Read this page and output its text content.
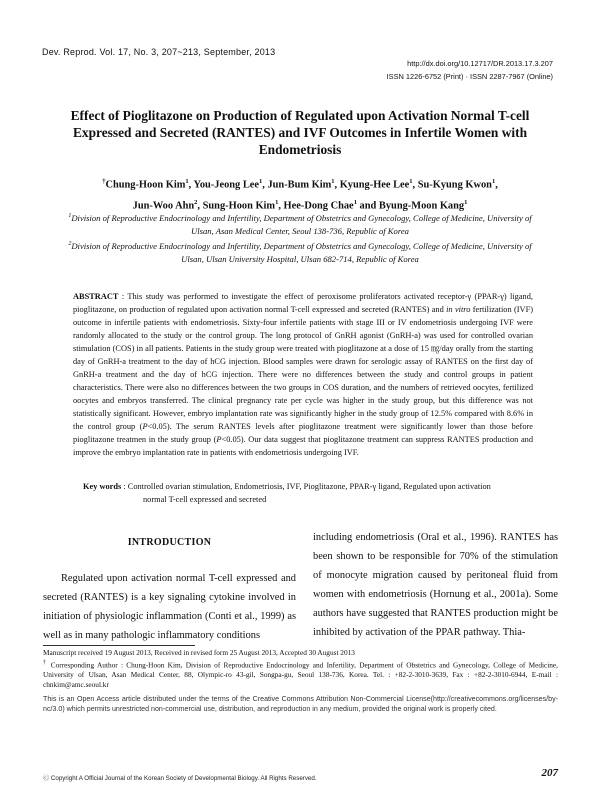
Dev. Reprod. Vol. 17, No. 3, 207~213, September, 2013
http://dx.doi.org/10.12717/DR.2013.17.3.207
ISSN 1226-6752 (Print) · ISSN 2287-7967 (Online)
Effect of Pioglitazone on Production of Regulated upon Activation Normal T-cell Expressed and Secreted (RANTES) and IVF Outcomes in Infertile Women with Endometriosis
†Chung-Hoon Kim$^1$, You-Jeong Lee$^1$, Jun-Bum Kim$^1$, Kyung-Hee Lee$^1$, Su-Kyung Kwon$^1$,
Jun-Woo Ahn$^2$, Sung-Hoon Kim$^1$, Hee-Dong Chae$^1$ and Byung-Moon Kang$^1$
$^1$Division of Reproductive Endocrinology and Infertility, Department of Obstetrics and Gynecology, College of Medicine, University of Ulsan, Asan Medical Center, Seoul 138-736, Republic of Korea
$^2$Division of Reproductive Endocrinology and Infertility, Department of Obstetrics and Gynecology, College of Medicine, University of Ulsan, Ulsan University Hospital, Ulsan 682-714, Republic of Korea
ABSTRACT : This study was performed to investigate the effect of peroxisome proliferators activated receptor-γ (PPAR-γ) ligand, pioglitazone, on production of regulated upon activation normal T-cell expressed and secreted (RANTES) and in vitro fertilization (IVF) outcome in infertile patients with endometriosis. Sixty-four infertile patients with stage III or IV endometriosis undergoing IVF were randomly allocated to the study or the control group. The long protocol of GnRH agonist (GnRH-a) was used for controlled ovarian stimulation (COS) in all patients. Patients in the study group were treated with pioglitazone at a dose of 15 ㎎/day orally from the starting day of GnRH-a treatment to the day of hCG injection. Blood samples were drawn for serologic assay of RANTES on the first day of GnRH-a treatment and the day of hCG injection. There were no differences between the study and control groups in patient characteristics. There were also no differences between the two groups in COS duration, and the numbers of retrieved oocytes, fertilized oocytes and embryos transferred. The clinical pregnancy rate per cycle was higher in the study group, but this difference was not statistically significant. However, embryo implantation rate was significantly higher in the study group of 12.5% compared with 8.6% in the control group (P<0.05). The serum RANTES levels after pioglitazone treatment were significantly lower than those before pioglitazone treatmen in the study group (P<0.05). Our data suggest that pioglitazone treatment can suppress RANTES production and improve the embryo implantation rate in patients with endometriosis undergoing IVF.
Key words : Controlled ovarian stimulation, Endometriosis, IVF, Pioglitazone, PPAR-γ ligand, Regulated upon activation
normal T-cell expressed and secreted
INTRODUCTION
Regulated upon activation normal T-cell expressed and secreted (RANTES) is a key signaling cytokine involved in initiation of physiologic inflammation (Conti et al., 1999) as well as in many pathologic inflammatory conditions
including endometriosis (Oral et al., 1996). RANTES has been shown to be responsible for 70% of the stimulation of monocyte migration caused by peritoneal fluid from women with endometriosis (Hornung et al., 2001a). Some authors have suggested that RANTES production might be inhibited by activation of the PPAR pathway. Thia-
Manuscript received 19 August 2013, Received in revised form 25 August 2013, Accepted 30 August 2013
† Corresponding Author : Chung-Hoon Kim, Division of Reproductive Endocrinology and Infertility, Department of Obstetrics and Gynecology, College of Medicine, University of Ulsan, Asan Medical Center, 88, Olympic-ro 43-gil, Songpa-gu, Seoul 138-736, Korea. Tel. : +82-2-3010-3639, Fax : +82-2-3010-6944, E-mail : chnkim@amc.seoul.kr
This is an Open Access article distributed under the terms of the Creative Commons Attribution Non-Commercial License(http://creativecommons.org/licenses/by-nc/3.0) which permits unrestricted non-commercial use, distribution, and reproduction in any medium, provided the original work is properly cited.
Ⓒ Copyright A Official Journal of the Korean Society of Developmental Biology. All Rights Reserved.	207
